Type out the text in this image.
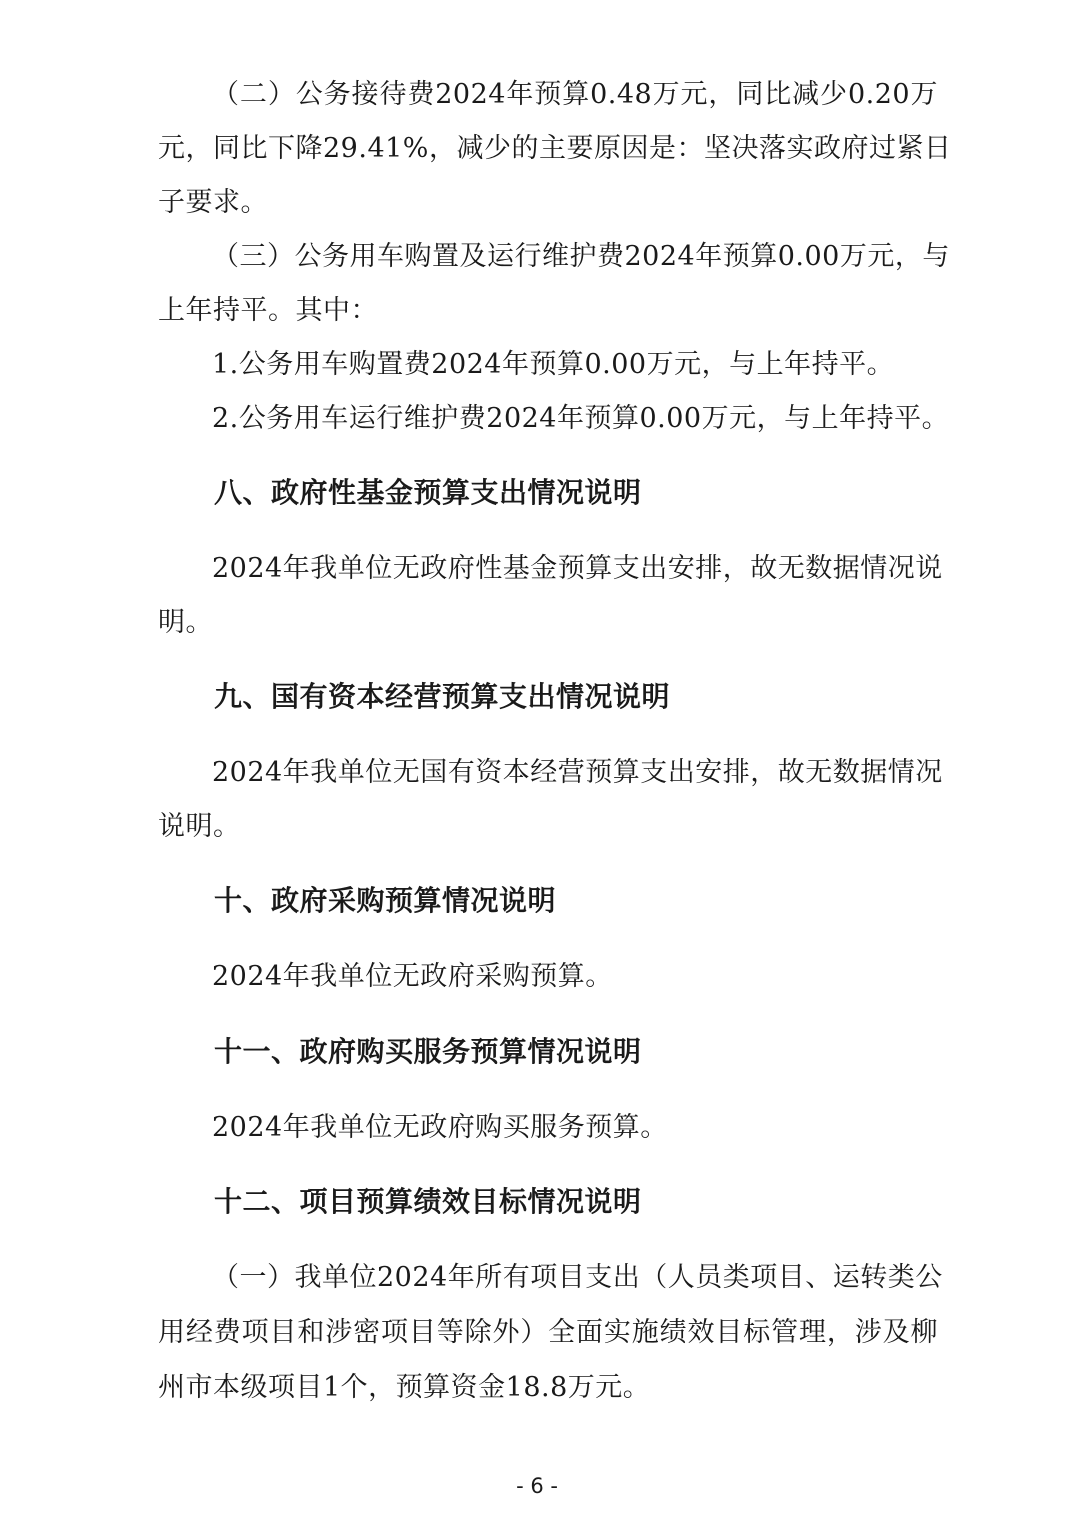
（二）公务接待费2024年预算0.48万元，同比减少0.20万
元，同比下降29.41%，减少的主要原因是：坚决落实政府过紧日
子要求。
（三）公务用车购置及运行维护费2024年预算0.00万元，与
上年持平。其中：
1.公务用车购置费2024年预算0.00万元，与上年持平。
2.公务用车运行维护费2024年预算0.00万元，与上年持平。
八、政府性基金预算支出情况说明
2024年我单位无政府性基金预算支出安排，故无数据情况说
明。
九、国有资本经营预算支出情况说明
2024年我单位无国有资本经营预算支出安排，故无数据情况
说明。
十、政府采购预算情况说明
2024年我单位无政府采购预算。
十一、政府购买服务预算情况说明
2024年我单位无政府购买服务预算。
十二、项目预算绩效目标情况说明
（一）我单位2024年所有项目支出（人员类项目、运转类公
用经费项目和涉密项目等除外）全面实施绩效目标管理，涉及柳
州市本级项目1个，预算资金18.8万元。
- 6 -
